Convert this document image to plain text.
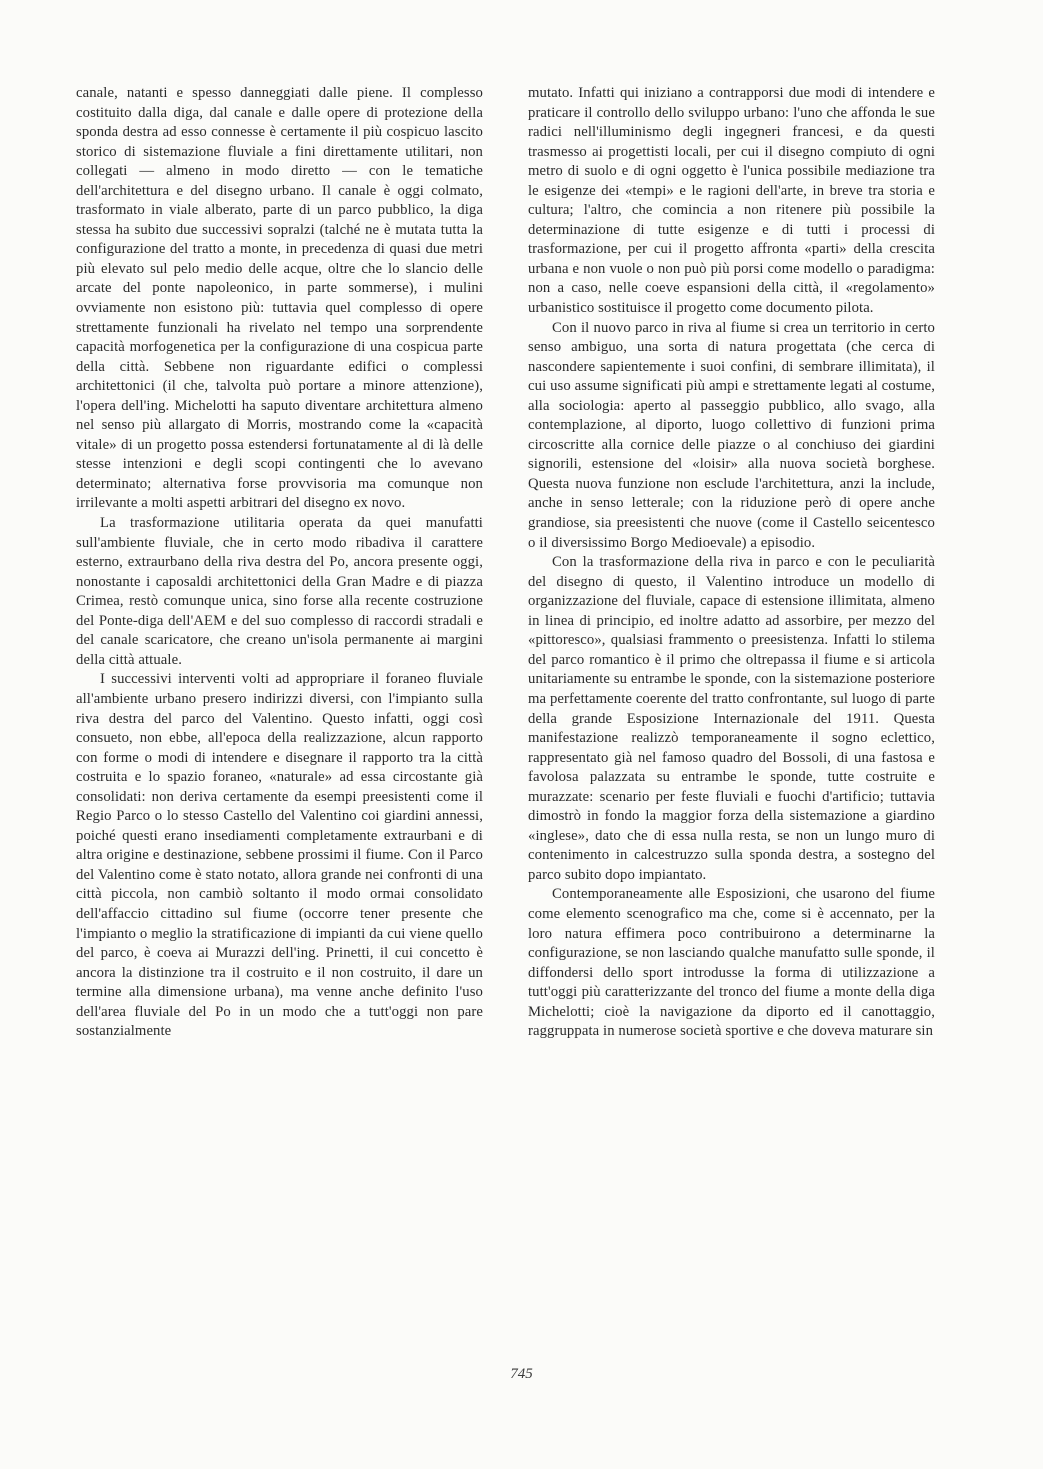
canale, natanti e spesso danneggiati dalle piene. Il complesso costituito dalla diga, dal canale e dalle opere di protezione della sponda destra ad esso connesse è certamente il più cospicuo lascito storico di sistemazione fluviale a fini direttamente utilitari, non collegati — almeno in modo diretto — con le tematiche dell'architettura e del disegno urbano. Il canale è oggi colmato, trasformato in viale alberato, parte di un parco pubblico, la diga stessa ha subito due successivi sopralzi (talché ne è mutata tutta la configurazione del tratto a monte, in precedenza di quasi due metri più elevato sul pelo medio delle acque, oltre che lo slancio delle arcate del ponte napoleonico, in parte sommerse), i mulini ovviamente non esistono più: tuttavia quel complesso di opere strettamente funzionali ha rivelato nel tempo una sorprendente capacità morfogenetica per la configurazione di una cospicua parte della città. Sebbene non riguardante edifici o complessi architettonici (il che, talvolta può portare a minore attenzione), l'opera dell'ing. Michelotti ha saputo diventare architettura almeno nel senso più allargato di Morris, mostrando come la «capacità vitale» di un progetto possa estendersi fortunatamente al di là delle stesse intenzioni e degli scopi contingenti che lo avevano determinato; alternativa forse provvisoria ma comunque non irrilevante a molti aspetti arbitrari del disegno ex novo.

La trasformazione utilitaria operata da quei manufatti sull'ambiente fluviale, che in certo modo ribadiva il carattere esterno, extraurbano della riva destra del Po, ancora presente oggi, nonostante i caposaldi architettonici della Gran Madre e di piazza Crimea, restò comunque unica, sino forse alla recente costruzione del Ponte-diga dell'AEM e del suo complesso di raccordi stradali e del canale scaricatore, che creano un'isola permanente ai margini della città attuale.

I successivi interventi volti ad appropriare il foraneo fluviale all'ambiente urbano presero indirizzi diversi, con l'impianto sulla riva destra del parco del Valentino. Questo infatti, oggi così consueto, non ebbe, all'epoca della realizzazione, alcun rapporto con forme o modi di intendere e disegnare il rapporto tra la città costruita e lo spazio foraneo, «naturale» ad essa circostante già consolidati: non deriva certamente da esempi preesistenti come il Regio Parco o lo stesso Castello del Valentino coi giardini annessi, poiché questi erano insediamenti completamente extraurbani e di altra origine e destinazione, sebbene prossimi il fiume. Con il Parco del Valentino come è stato notato, allora grande nei confronti di una città piccola, non cambiò soltanto il modo ormai consolidato dell'affaccio cittadino sul fiume (occorre tener presente che l'impianto o meglio la stratificazione di impianti da cui viene quello del parco, è coeva ai Murazzi dell'ing. Prinetti, il cui concetto è ancora la distinzione tra il costruito e il non costruito, il dare un termine alla dimensione urbana), ma venne anche definito l'uso dell'area fluviale del Po in un modo che a tutt'oggi non pare sostanzialmente

mutato. Infatti qui iniziano a contrapporsi due modi di intendere e praticare il controllo dello sviluppo urbano: l'uno che affonda le sue radici nell'illuminismo degli ingegneri francesi, e da questi trasmesso ai progettisti locali, per cui il disegno compiuto di ogni metro di suolo e di ogni oggetto è l'unica possibile mediazione tra le esigenze dei «tempi» e le ragioni dell'arte, in breve tra storia e cultura; l'altro, che comincia a non ritenere più possibile la determinazione di tutte esigenze e di tutti i processi di trasformazione, per cui il progetto affronta «parti» della crescita urbana e non vuole o non può più porsi come modello o paradigma: non a caso, nelle coeve espansioni della città, il «regolamento» urbanistico sostituisce il progetto come documento pilota.

Con il nuovo parco in riva al fiume si crea un territorio in certo senso ambiguo, una sorta di natura progettata (che cerca di nascondere sapientemente i suoi confini, di sembrare illimitata), il cui uso assume significati più ampi e strettamente legati al costume, alla sociologia: aperto al passeggio pubblico, allo svago, alla contemplazione, al diporto, luogo collettivo di funzioni prima circoscritte alla cornice delle piazze o al conchiuso dei giardini signorili, estensione del «loisir» alla nuova società borghese. Questa nuova funzione non esclude l'architettura, anzi la include, anche in senso letterale; con la riduzione però di opere anche grandiose, sia preesistenti che nuove (come il Castello seicentesco o il diversissimo Borgo Medioevale) a episodio.

Con la trasformazione della riva in parco e con le peculiarità del disegno di questo, il Valentino introduce un modello di organizzazione del fluviale, capace di estensione illimitata, almeno in linea di principio, ed inoltre adatto ad assorbire, per mezzo del «pittoresco», qualsiasi frammento o preesistenza. Infatti lo stilema del parco romantico è il primo che oltrepassa il fiume e si articola unitariamente su entrambe le sponde, con la sistemazione posteriore ma perfettamente coerente del tratto confrontante, sul luogo di parte della grande Esposizione Internazionale del 1911. Questa manifestazione realizzò temporaneamente il sogno eclettico, rappresentato già nel famoso quadro del Bossoli, di una fastosa e favolosa palazzata su entrambe le sponde, tutte costruite e murazzate: scenario per feste fluviali e fuochi d'artificio; tuttavia dimostrò in fondo la maggior forza della sistemazione a giardino «inglese», dato che di essa nulla resta, se non un lungo muro di contenimento in calcestruzzo sulla sponda destra, a sostegno del parco subito dopo impiantato.

Contemporaneamente alle Esposizioni, che usarono del fiume come elemento scenografico ma che, come si è accennato, per la loro natura effimera poco contribuirono a determinarne la configurazione, se non lasciando qualche manufatto sulle sponde, il diffondersi dello sport introdusse la forma di utilizzazione a tutt'oggi più caratterizzante del tronco del fiume a monte della diga Michelotti; cioè la navigazione da diporto ed il canottaggio, raggruppata in numerose società sportive e che doveva maturare sin

745
